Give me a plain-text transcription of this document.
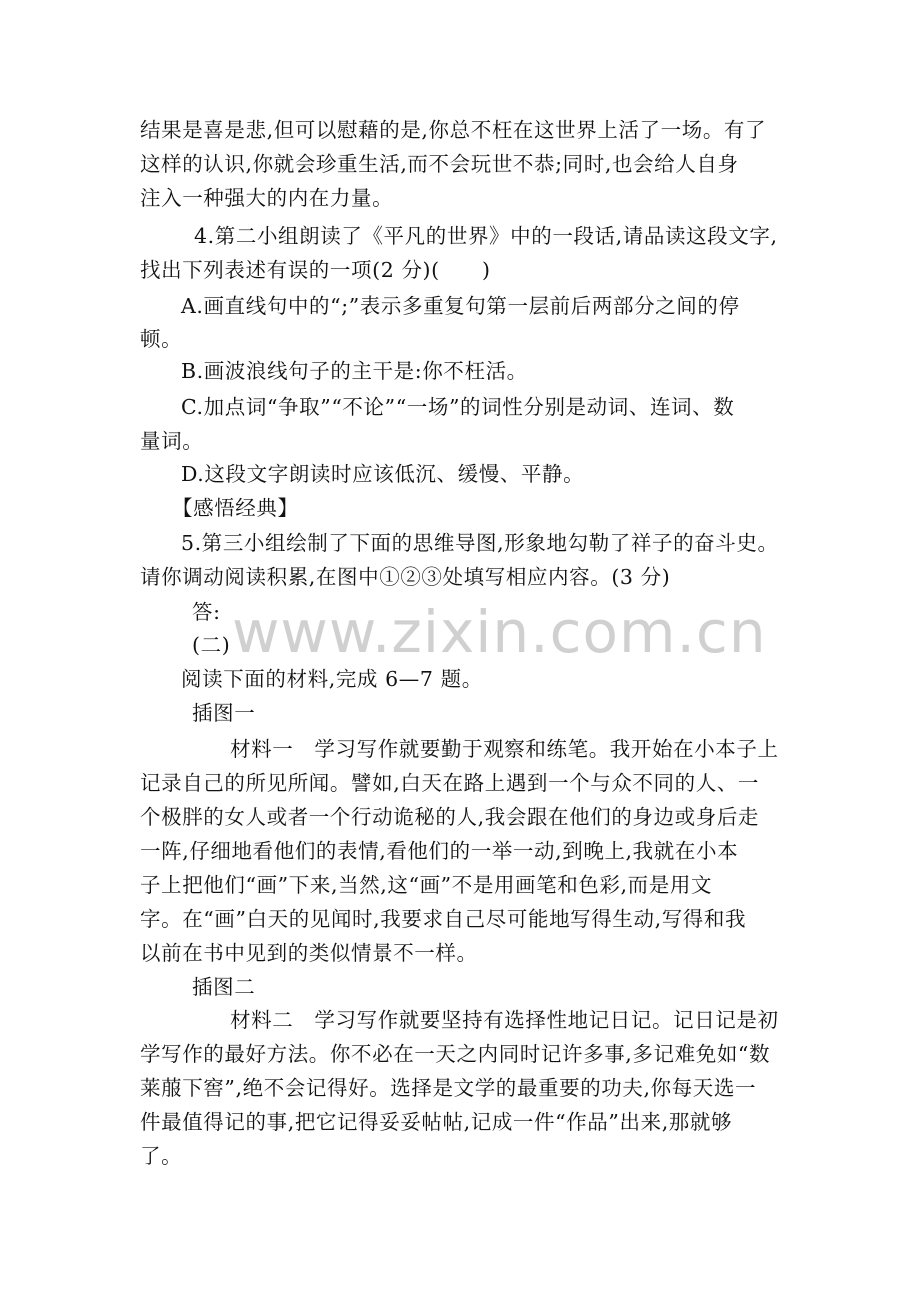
www.zixin.com.cn
结果是喜是悲,但可以慰藉的是,你总不枉在这世界上活了一场。有了
这样的认识,你就会珍重生活,而不会玩世不恭;同时,也会给人自身
注入一种强大的内在力量。
4.第二小组朗读了《平凡的世界》中的一段话,请品读这段文字,
找出下列表述有误的一项(2 分)(　　)
A.画直线句中的“;”表示多重复句第一层前后两部分之间的停
顿。
B.画波浪线句子的主干是:你不枉活。
C.加点词“争取”“不论”“一场”的词性分别是动词、连词、数
量词。
D.这段文字朗读时应该低沉、缓慢、平静。
【感悟经典】
5.第三小组绘制了下面的思维导图,形象地勾勒了祥子的奋斗史。
请你调动阅读积累,在图中①②③处填写相应内容。(3 分)
答:
(二)
阅读下面的材料,完成 6—7 题。
插图一
材料一　学习写作就要勤于观察和练笔。我开始在小本子上
记录自己的所见所闻。譬如,白天在路上遇到一个与众不同的人、一
个极胖的女人或者一个行动诡秘的人,我会跟在他们的身边或身后走
一阵,仔细地看他们的表情,看他们的一举一动,到晚上,我就在小本
子上把他们“画”下来,当然,这“画”不是用画笔和色彩,而是用文
字。在“画”白天的见闻时,我要求自己尽可能地写得生动,写得和我
以前在书中见到的类似情景不一样。
插图二
材料二　学习写作就要坚持有选择性地记日记。记日记是初
学写作的最好方法。你不必在一天之内同时记许多事,多记难免如“数
莱菔下窖”,绝不会记得好。选择是文学的最重要的功夫,你每天选一
件最值得记的事,把它记得妥妥帖帖,记成一件“作品”出来,那就够
了。
